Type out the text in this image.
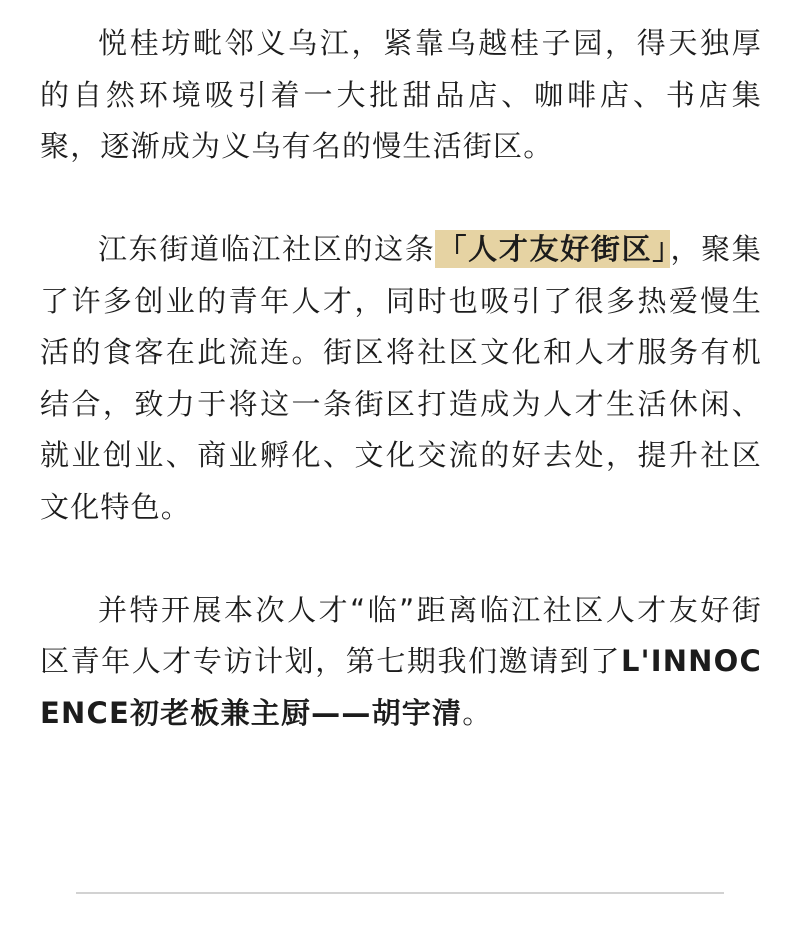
悦桂坊毗邻义乌江，紧靠乌越桂子园，得天独厚的自然环境吸引着一大批甜品店、咖啡店、书店集聚，逐渐成为义乌有名的慢生活街区。

江东街道临江社区的这条「人才友好街区」，聚集了许多创业的青年人才，同时也吸引了很多热爱慢生活的食客在此流连。街区将社区文化和人才服务有机结合，致力于将这一条街区打造成为人才生活休闲、就业创业、商业孵化、文化交流的好去处，提升社区文化特色。

并特开展本次人才“临”距离临江社区人才友好街区青年人才专访计划，第七期我们邀请到了L'INNOCENCE初老板兼主厨——胡宇清。
